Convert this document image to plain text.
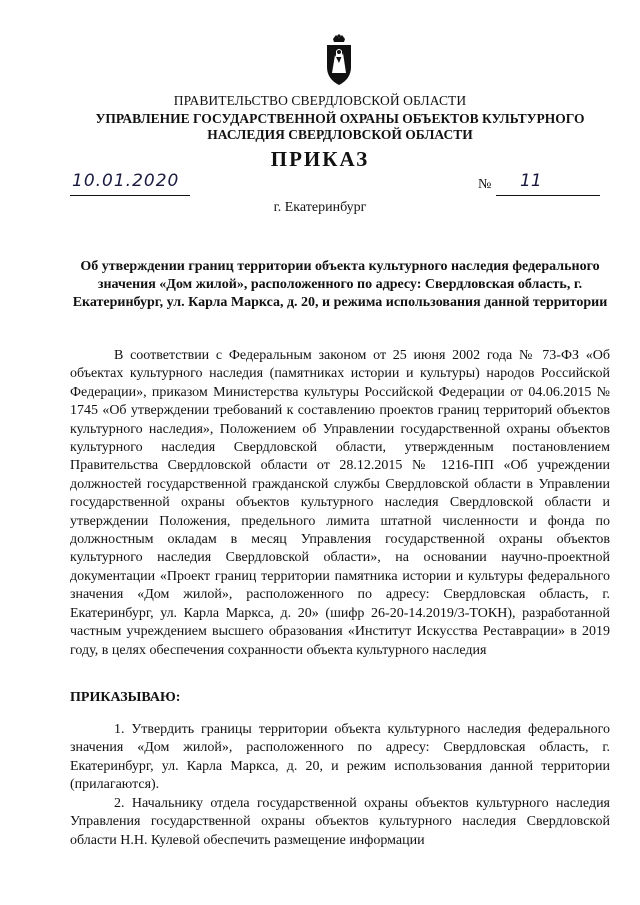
ПРАВИТЕЛЬСТВО СВЕРДЛОВСКОЙ ОБЛАСТИ
УПРАВЛЕНИЕ ГОСУДАРСТВЕННОЙ ОХРАНЫ ОБЪЕКТОВ КУЛЬТУРНОГО НАСЛЕДИЯ СВЕРДЛОВСКОЙ ОБЛАСТИ
ПРИКАЗ
10.01.2020	№ 11
г. Екатеринбург
Об утверждении границ территории объекта культурного наследия федерального значения «Дом жилой», расположенного по адресу: Свердловская область, г. Екатеринбург, ул. Карла Маркса, д. 20, и режима использования данной территории
В соответствии с Федеральным законом от 25 июня 2002 года № 73-ФЗ «Об объектах культурного наследия (памятниках истории и культуры) народов Российской Федерации», приказом Министерства культуры Российской Федерации от 04.06.2015 № 1745 «Об утверждении требований к составлению проектов границ территорий объектов культурного наследия», Положением об Управлении государственной охраны объектов культурного наследия Свердловской области, утвержденным постановлением Правительства Свердловской области от 28.12.2015 № 1216-ПП «Об учреждении должностей государственной гражданской службы Свердловской области в Управлении государственной охраны объектов культурного наследия Свердловской области и утверждении Положения, предельного лимита штатной численности и фонда по должностным окладам в месяц Управления государственной охраны объектов культурного наследия Свердловской области», на основании научно-проектной документации «Проект границ территории памятника истории и культуры федерального значения «Дом жилой», расположенного по адресу: Свердловская область, г. Екатеринбург, ул. Карла Маркса, д. 20» (шифр 26-20-14.2019/3-ТОКН), разработанной частным учреждением высшего образования «Институт Искусства Реставрации» в 2019 году, в целях обеспечения сохранности объекта культурного наследия
ПРИКАЗЫВАЮ:
1. Утвердить границы территории объекта культурного наследия федерального значения «Дом жилой», расположенного по адресу: Свердловская область, г. Екатеринбург, ул. Карла Маркса, д. 20, и режим использования данной территории (прилагаются).
2. Начальнику отдела государственной охраны объектов культурного наследия Управления государственной охраны объектов культурного наследия Свердловской области Н.Н. Кулевой обеспечить размещение информации
